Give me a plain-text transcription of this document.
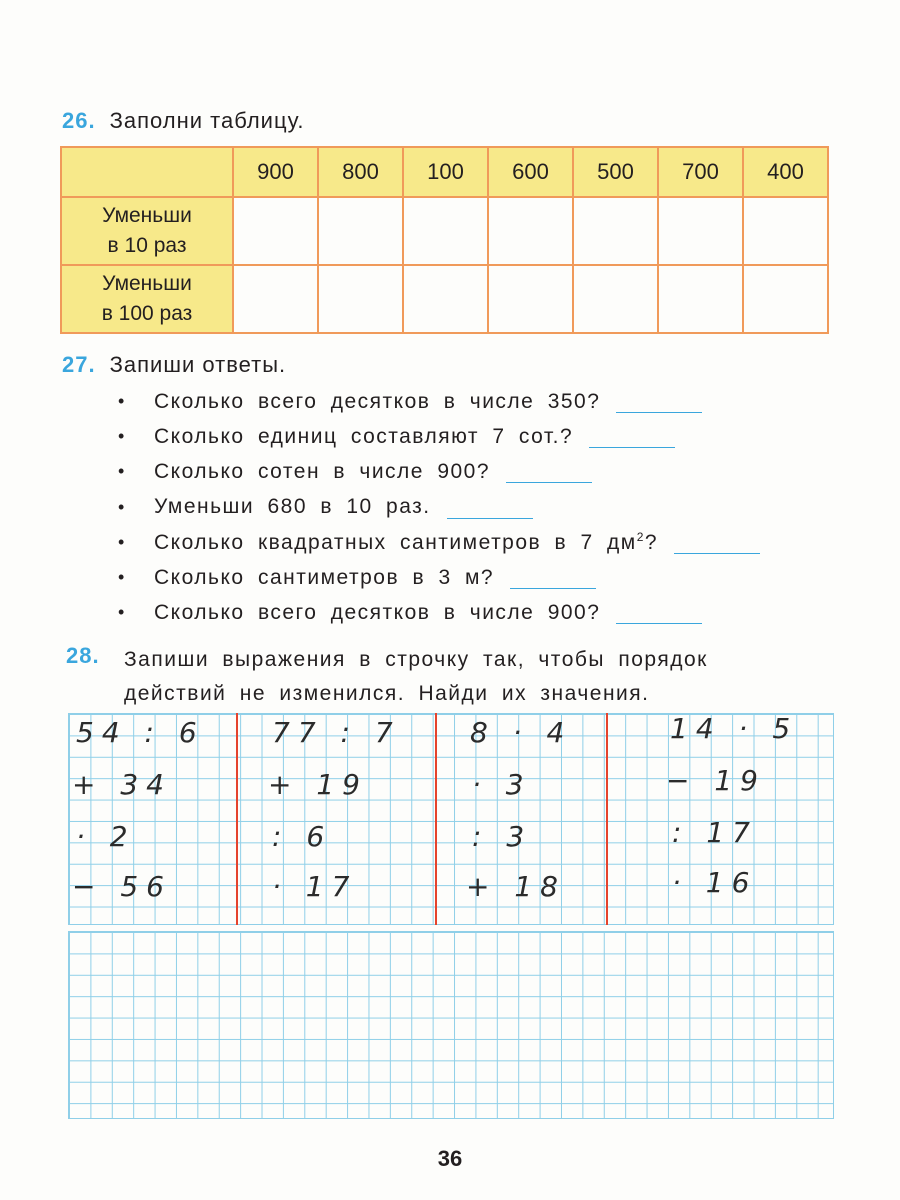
26. Заполни таблицу.
	900	800	100	600	500	700	400

Уменьши
в 10 раз							

Уменьши
в 100 раз							

27. Запиши ответы.
•	Сколько всего десятков в числе 350?
•	Сколько единиц составляют 7 сот.?
•	Сколько сотен в числе 900?
•	Уменьши 680 в 10 раз.
•	Сколько квадратных сантиметров в 7 $дм^2$?
•	Сколько сантиметров в 3 м?
•	Сколько всего десятков в числе 900?
28.	Запиши выражения в строчку так, чтобы порядок
действий не изменился. Найди их значения.
54 : 6
+ 34
· 2
− 56
77 : 7
+ 19
: 6
· 17
8 · 4
· 3
: 3
+ 18
14 · 5
− 19
: 17
· 16
36
